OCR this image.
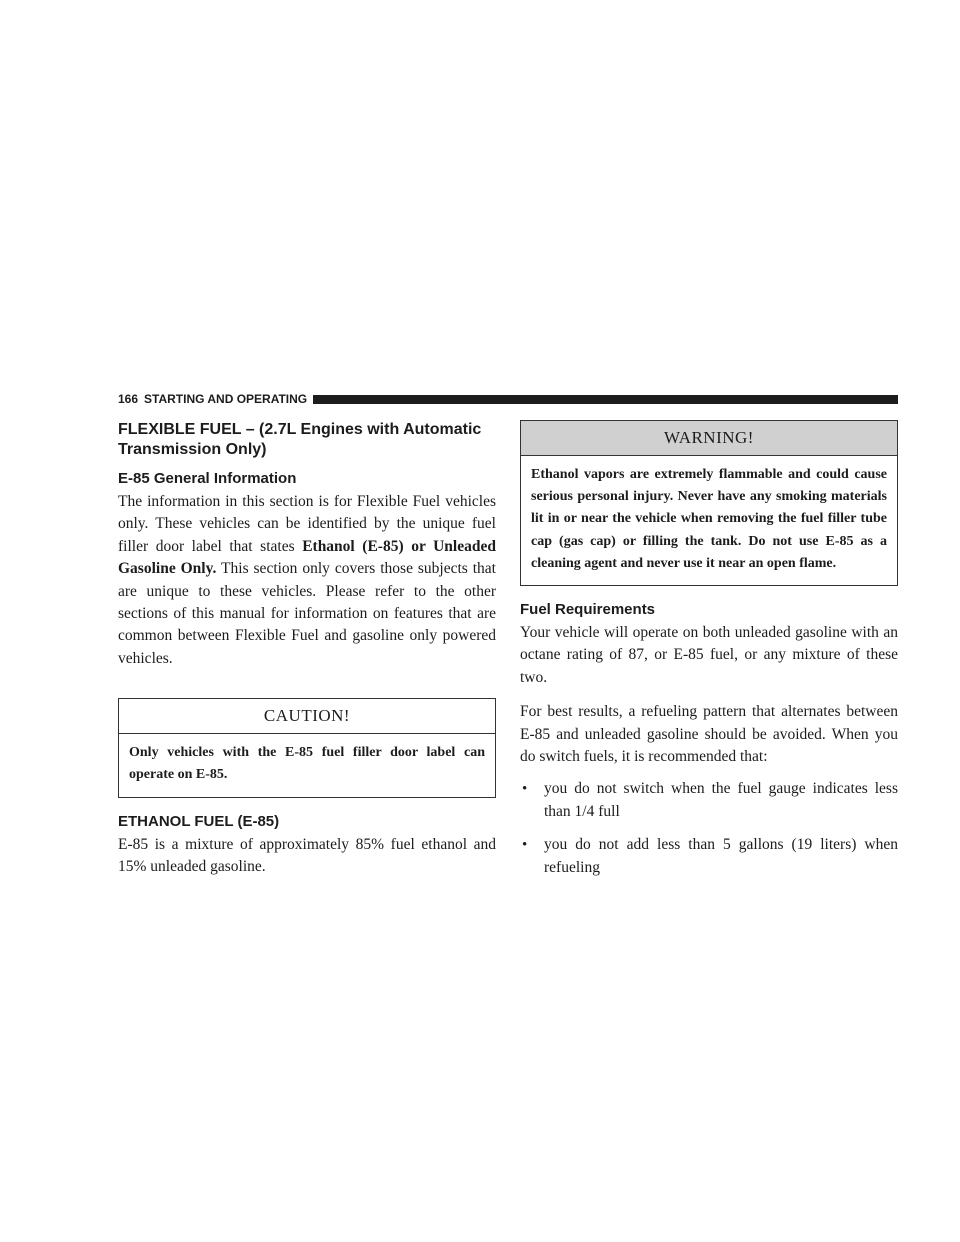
166 STARTING AND OPERATING
FLEXIBLE FUEL – (2.7L Engines with Automatic Transmission Only)
E-85 General Information

The information in this section is for Flexible Fuel vehicles only. These vehicles can be identified by the unique fuel filler door label that states Ethanol (E-85) or Unleaded Gasoline Only. This section only covers those subjects that are unique to these vehicles. Please refer to the other sections of this manual for information on features that are common between Flexible Fuel and gasoline only powered vehicles.

CAUTION!
Only vehicles with the E-85 fuel filler door label can operate on E-85.
ETHANOL FUEL (E-85)

E-85 is a mixture of approximately 85% fuel ethanol and 15% unleaded gasoline.

WARNING!
Ethanol vapors are extremely flammable and could cause serious personal injury. Never have any smoking materials lit in or near the vehicle when removing the fuel filler tube cap (gas cap) or filling the tank. Do not use E-85 as a cleaning agent and never use it near an open flame.
Fuel Requirements

Your vehicle will operate on both unleaded gasoline with an octane rating of 87, or E-85 fuel, or any mixture of these two.

For best results, a refueling pattern that alternates between E-85 and unleaded gasoline should be avoided. When you do switch fuels, it is recommended that:

• you do not switch when the fuel gauge indicates less than 1/4 full
• you do not add less than 5 gallons (19 liters) when refueling
